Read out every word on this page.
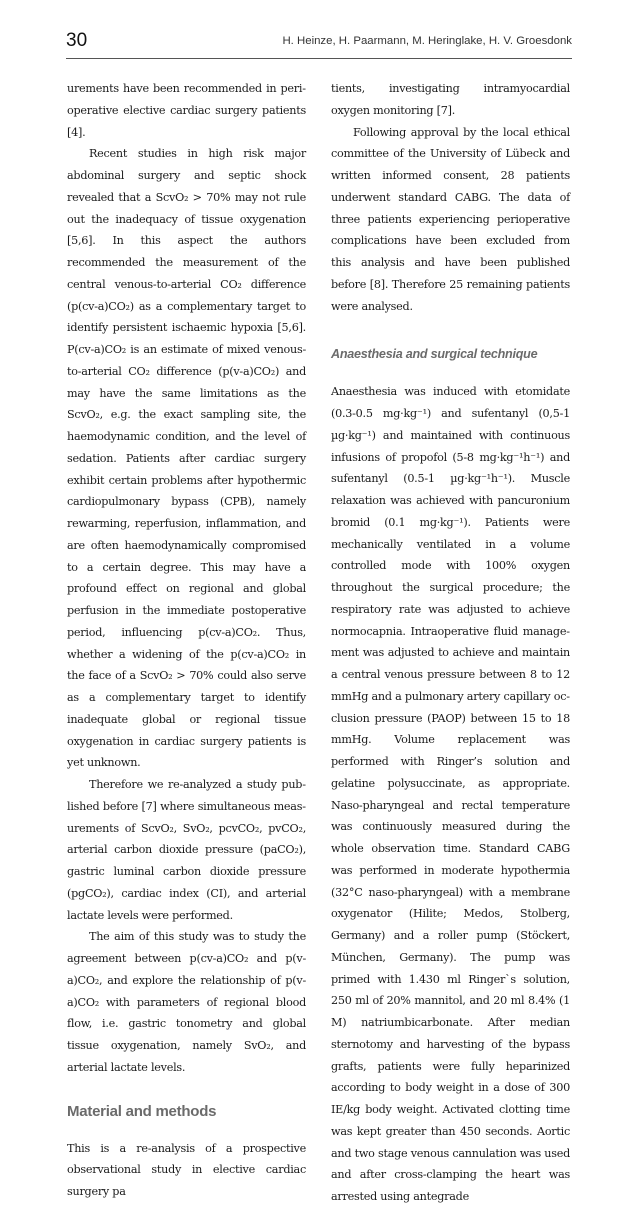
30	H. Heinze, H. Paarmann, M. Heringlake, H. V. Groesdonk

urements have been recommended in perioperative elective cardiac surgery patients [4].

Recent studies in high risk major abdominal surgery and septic shock revealed that a ScvO₂ > 70% may not rule out the inadequacy of tissue oxygenation [5,6]. In this aspect the authors recommended the measurement of the central venous-to-arterial CO₂ difference (p(cv-a)CO₂) as a complementary target to identify persistent ischaemic hypoxia [5,6]. P(cv-a)CO₂ is an estimate of mixed venous-to-arterial CO₂ difference (p(v-a)CO₂) and may have the same limitations as the ScvO₂, e.g. the exact sampling site, the haemodynamic condition, and the level of sedation. Patients after cardiac surgery exhibit certain problems after hypothermic cardiopulmonary bypass (CPB), namely rewarming, reperfusion, inflammation, and are often haemodynamically compromised to a certain degree. This may have a profound effect on regional and global perfusion in the immediate postoperative period, influencing p(cv-a)CO₂. Thus, whether a widening of the p(cv-a)CO₂ in the face of a ScvO₂ > 70% could also serve as a complementary target to identify inadequate global or regional tissue oxygenation in cardiac surgery patients is yet unknown.

Therefore we re-analyzed a study published before [7] where simultaneous measurements of ScvO₂, SvO₂, pcvCO₂, pvCO₂, arterial carbon dioxide pressure (paCO₂), gastric luminal carbon dioxide pressure (pgCO₂), cardiac index (CI), and arterial lactate levels were performed.

The aim of this study was to study the agreement between p(cv-a)CO₂ and p(v-a)CO₂, and explore the relationship of p(v-a)CO₂ with parameters of regional blood flow, i.e. gastric tonometry and global tissue oxygenation, namely SvO₂, and arterial lactate levels.

Material and methods

This is a re-analysis of a prospective observational study in elective cardiac surgery pa

tients, investigating intramyocardial oxygen monitoring [7].

Following approval by the local ethical committee of the University of Lübeck and written informed consent, 28 patients underwent standard CABG. The data of three patients experiencing perioperative complications have been excluded from this analysis and have been published before [8]. Therefore 25 remaining patients were analysed.

Anaesthesia and surgical technique

Anaesthesia was induced with etomidate (0.3-0.5 mg·kg⁻¹) and sufentanyl (0,5-1 µg·kg⁻¹) and maintained with continuous infusions of propofol (5-8 mg·kg⁻¹h⁻¹) and sufentanyl (0.5-1 µg·kg⁻¹h⁻¹). Muscle relaxation was achieved with pancuronium bromid (0.1 mg·kg⁻¹). Patients were mechanically ventilated in a volume controlled mode with 100% oxygen throughout the surgical procedure; the respiratory rate was adjusted to achieve normocapnia. Intraoperative fluid management was adjusted to achieve and maintain a central venous pressure between 8 to 12 mmHg and a pulmonary artery capillary occlusion pressure (PAOP) between 15 to 18 mmHg. Volume replacement was performed with Ringer’s solution and gelatine polysuccinate, as appropriate. Naso-pharyngeal and rectal temperature was continuously measured during the whole observation time. Standard CABG was performed in moderate hypothermia (32°C naso-pharyngeal) with a membrane oxygenator (Hilite; Medos, Stolberg, Germany) and a roller pump (Stöckert, München, Germany). The pump was primed with 1.430 ml Ringer`s solution, 250 ml of 20% mannitol, and 20 ml 8.4% (1 M) natriumbicarbonate. After median sternotomy and harvesting of the bypass grafts, patients were fully heparinized according to body weight in a dose of 300 IE/kg body weight. Activated clotting time was kept greater than 450 seconds. Aortic and two stage venous cannulation was used and after cross-clamping the heart was arrested using antegrade
